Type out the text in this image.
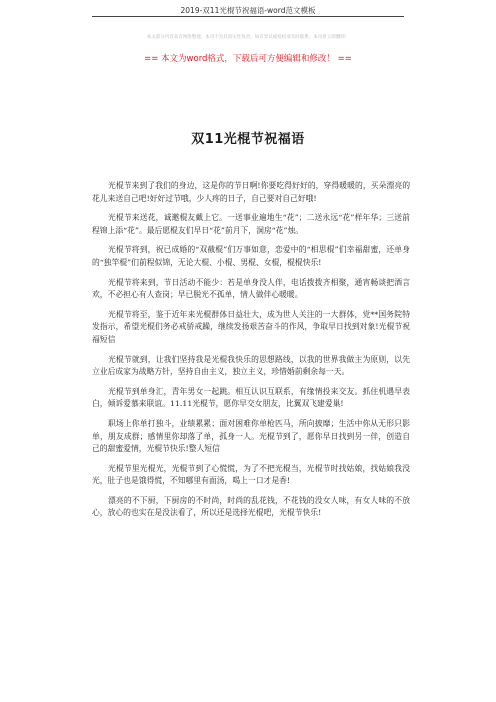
2019-双11光棍节祝福语-word范文模板
本文部分内容来自网络整理，本司不为其真实性负责，如有异议或侵权请及时联系，本司将立即删除！
== 本文为word格式，下载后可方便编辑和修改！ ==
双11光棍节祝福语

光棍节来到了我们的身边，这是你的节日啊!你要吃得好好的，穿得暖暖的，买朵漂亮的花儿来送自己吧!好好过节哦，少人疼的日子，自己要对自己好哦!

光棍节来送花，诚邀棍友戴上它。一送事业遍地生“花”；二送永远“花”样年华；三送前程锦上添“花”。最后愿棍友们早日“花”前月下，洞房“花”烛。

光棍节将到，祝已成婚的“双截棍”们万事如意，恋爱中的“相思棍”们幸福甜蜜，还单身的“独竿棍”们前程似锦，无论大棍、小棍、男棍、女棍，棍棍快乐!

光棍节将来到，节日活动不能少：若是单身没人伴，电话拨拨齐相聚，通宵畅谈把酒言欢，不必担心有人查岗；早已脱光不孤单，情人做伴心暖暖。

光棍节将至，鉴于近年来光棍群体日益壮大，成为世人关注的一大群体，党**国务院特发指示，希望光棍们务必戒骄戒躁，继续发扬艰苦奋斗的作风，争取早日找到对象!光棍节祝福短信

光棍节就到，让我们坚持我是光棍我快乐的思想路线，以我的世界我做主为原则，以先立业后成家为战略方针，坚持自由主义，独立主义，珍惜婚前剩余每一天。

光棍节到单身汇，青年男女一起跳。相互认识互联系，有缘情投来交友。抓住机遇早表白，倾诉爱慕来联谊。11.11光棍节，愿你早交女朋友，比翼双飞建爱巢!

职场上你单打独斗，业绩累累；面对困难你单枪匹马，所向披靡；生活中你从无形只影单，朋友成群；感情里你却落了单，孤身一人。光棍节到了，愿你早日找到另一伴，创造自己的甜蜜爱情，光棍节快乐!整人短信

光棍节里光棍光，光棍节到了心慌慌，为了不把光棍当，光棍节时找姑娘，找姑娘我没光，肚子也是饿得慌，不知哪里有面汤，喝上一口才是香!

漂亮的不下厨，下厨房的不时尚，时尚的乱花钱，不花钱的没女人味，有女人味的不放心，放心的也实在是没法看了，所以还是选择光棍吧，光棍节快乐!
